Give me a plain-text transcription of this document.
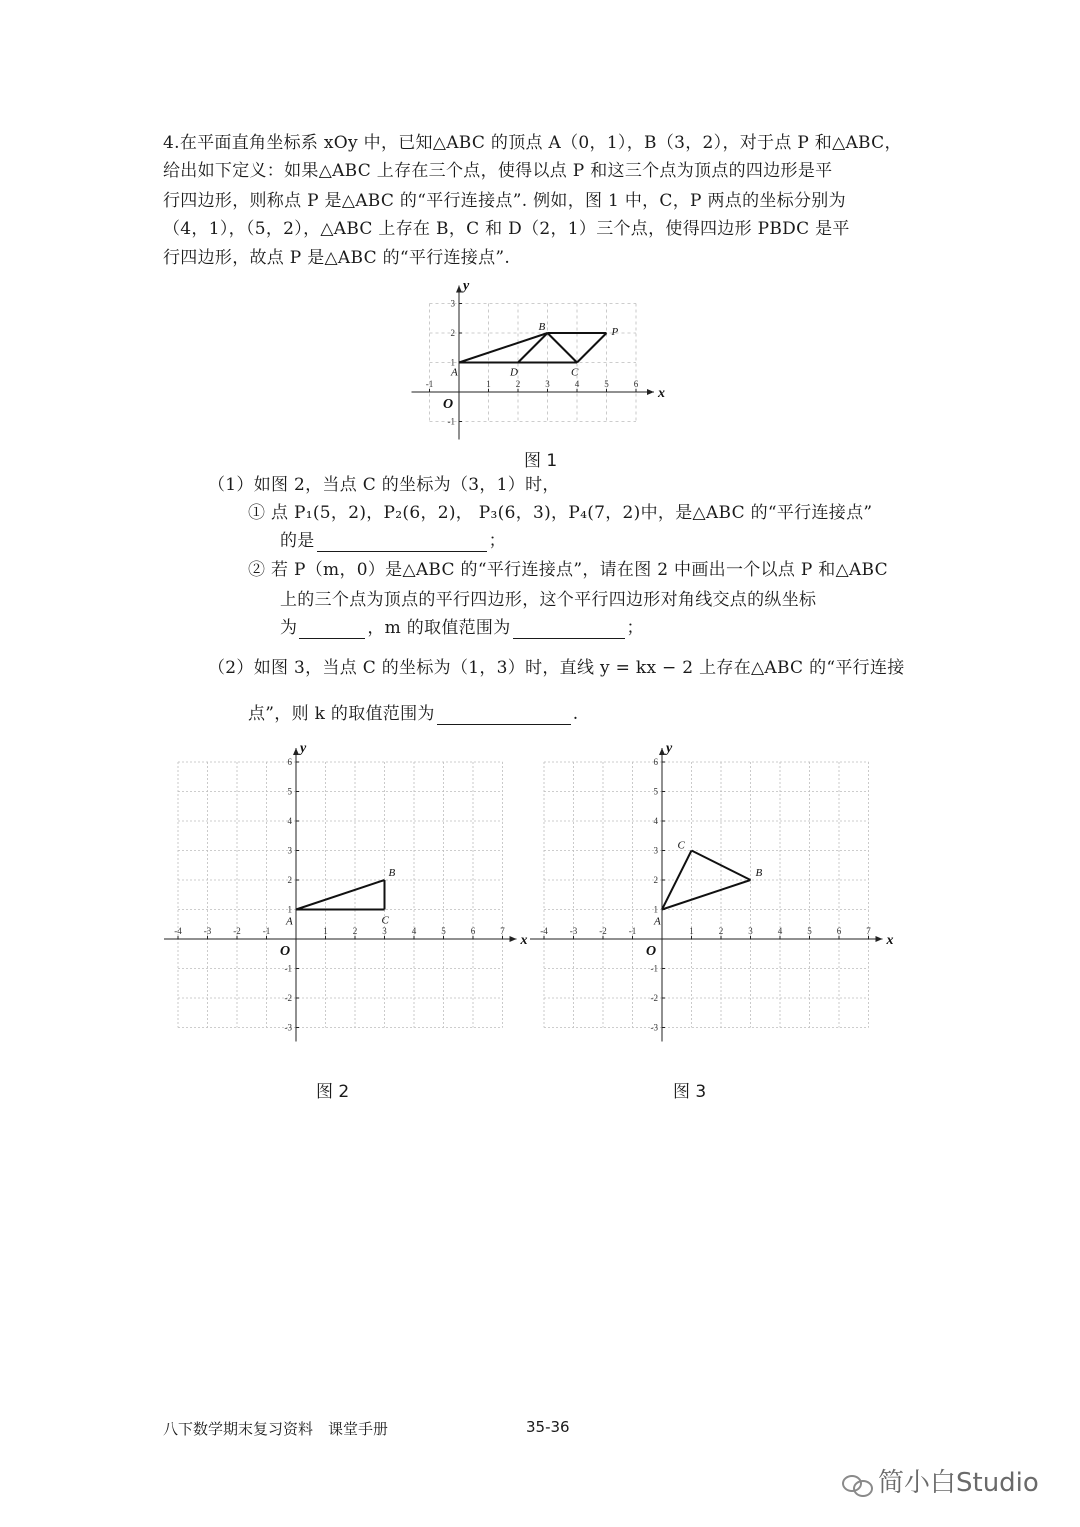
4.在平面直角坐标系 xOy 中，已知△ABC 的顶点 A（0，1），B（3，2），对于点 P 和△ABC，
给出如下定义：如果△ABC 上存在三个点，使得以点 P 和这三个点为顶点的四边形是平
行四边形，则称点 P 是△ABC 的“平行连接点”. 例如，图 1 中，C，P 两点的坐标分别为
（4，1），（5，2），△ABC 上存在 B，C 和 D（2，1）三个点，使得四边形 PBDC 是平
行四边形，故点 P 是△ABC 的“平行连接点”.
x
y
O
-1	1	2	3	4	5	6
3
2
1
-1
A
B
C
D
P
图 1
（1）如图 2，当点 C 的坐标为（3，1）时，
① 点 P₁(5，2)，P₂(6，2)， P₃(6，3)，P₄(7，2)中，是△ABC 的“平行连接点”
的是	；
② 若 P（m，0）是△ABC 的“平行连接点”，请在图 2 中画出一个以点 P 和△ABC
上的三个点为顶点的平行四边形，这个平行四边形对角线交点的纵坐标
为	，m 的取值范围为	；
（2）如图 3，当点 C 的坐标为（1，3）时，直线 y = kx − 2 上存在△ABC 的“平行连接
点”，则 k 的取值范围为	.
x
y
O
-4 -3 -2 -1	1	2	3	4	5	6	7
6
5
4
3
2
1
-1
-2
-3
A
B
C
x
y
O
-4 -3 -2 -1	1	2	3	4	5	6	7
6
5
4
3
2
1
-1
-2
-3
A
B
C
图 2	图 3
八下数学期末复习资料　课堂手册	35-36
简小白Studio
